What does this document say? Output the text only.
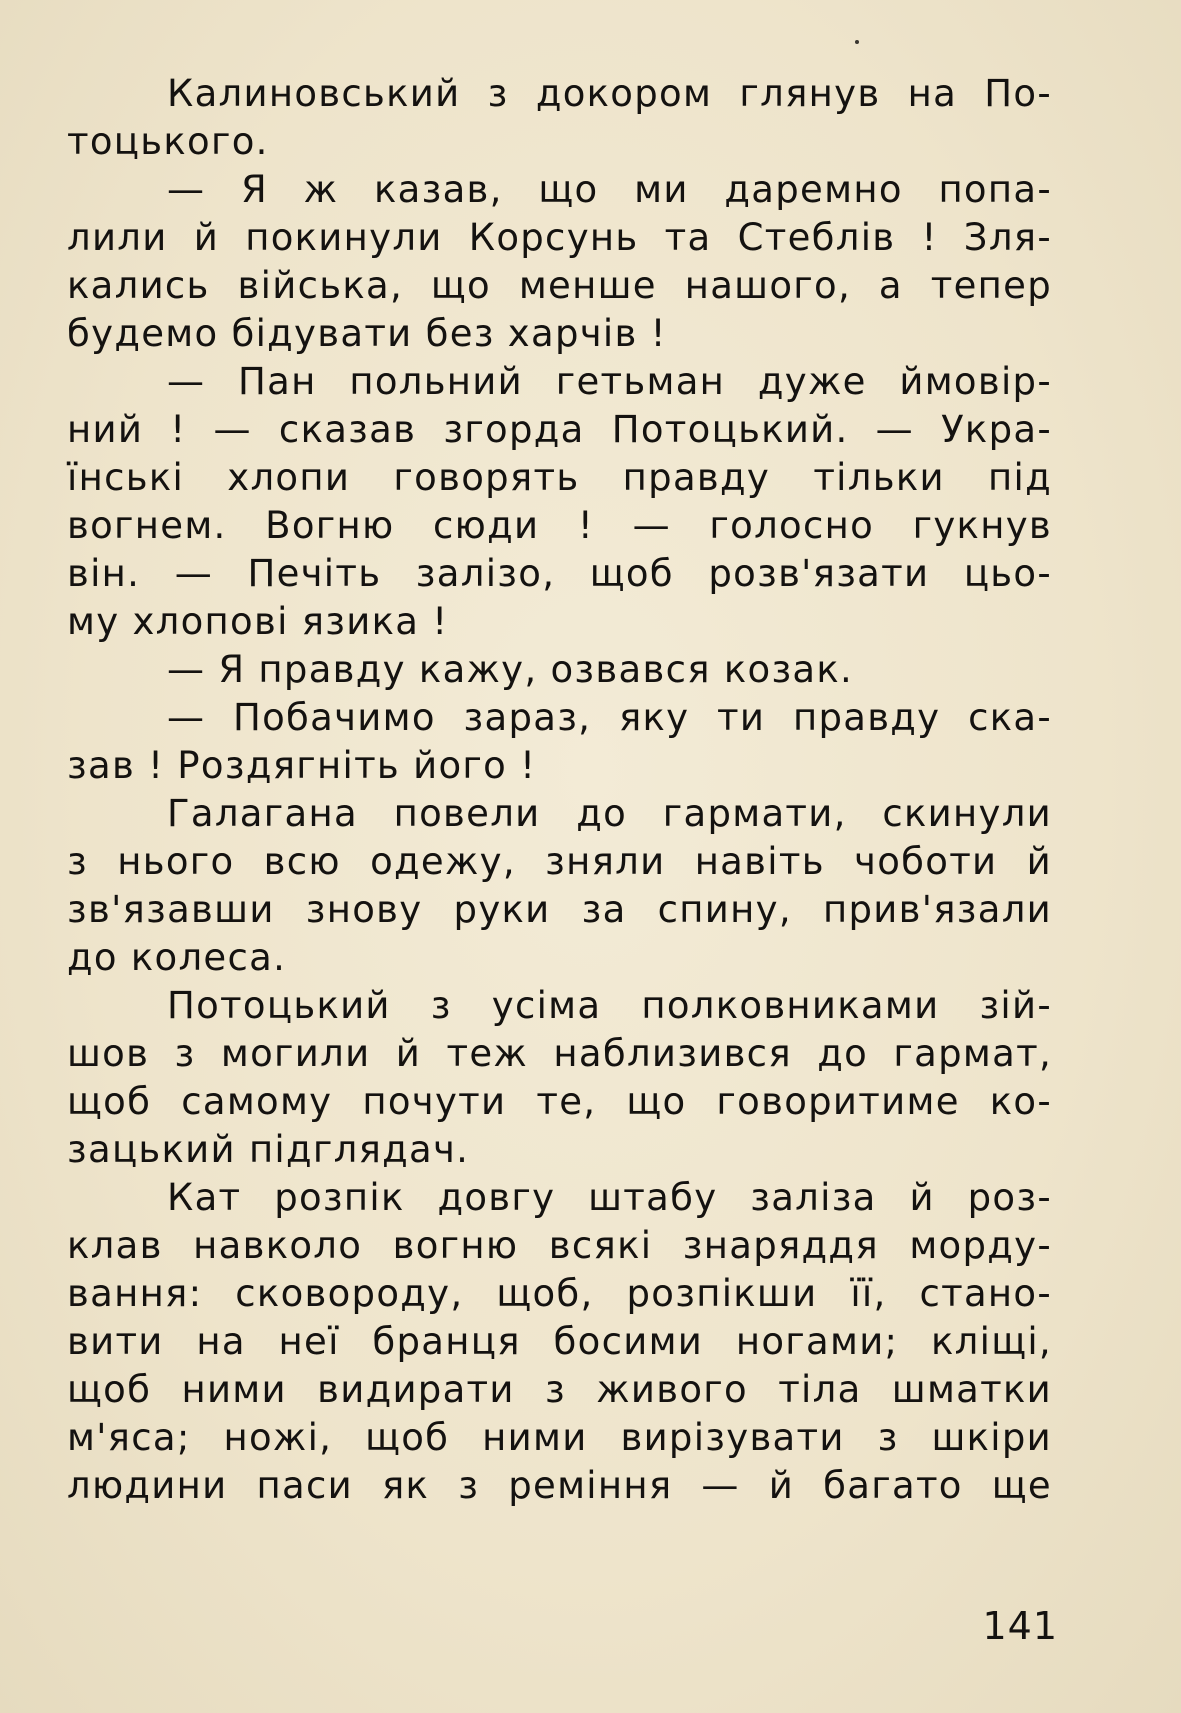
Калиновський з докором глянув на По-
тоцького.
— Я ж казав, що ми даремно попа-
лили й покинули Корсунь та Стеблів ! Зля-
кались війська, що менше нашого, а тепер
будемо бідувати без харчів !
— Пан польний гетьман дуже ймовір-
ний ! — сказав згорда Потоцький. — Укра-
їнські хлопи говорять правду тільки під
вогнем. Вогню сюди ! — голосно гукнув
він. — Печіть залізо, щоб розв'язати цьо-
му хлопові язика !
— Я правду кажу, озвався козак.
— Побачимо зараз, яку ти правду ска-
зав ! Роздягніть його !
Галагана повели до гармати, скинули
з нього всю одежу, зняли навіть чоботи й
зв'язавши знову руки за спину, прив'язали
до колеса.
Потоцький з усіма полковниками зій-
шов з могили й теж наблизився до гармат,
щоб самому почути те, що говоритиме ко-
зацький підглядач.
Кат розпік довгу штабу заліза й роз-
клав навколо вогню всякі знаряддя морду-
вання: сковороду, щоб, розпікши її, стано-
вити на неї бранця босими ногами; кліщі,
щоб ними видирати з живого тіла шматки
м'яса; ножі, щоб ними вирізувати з шкіри
людини паси як з реміння — й багато ще
141
